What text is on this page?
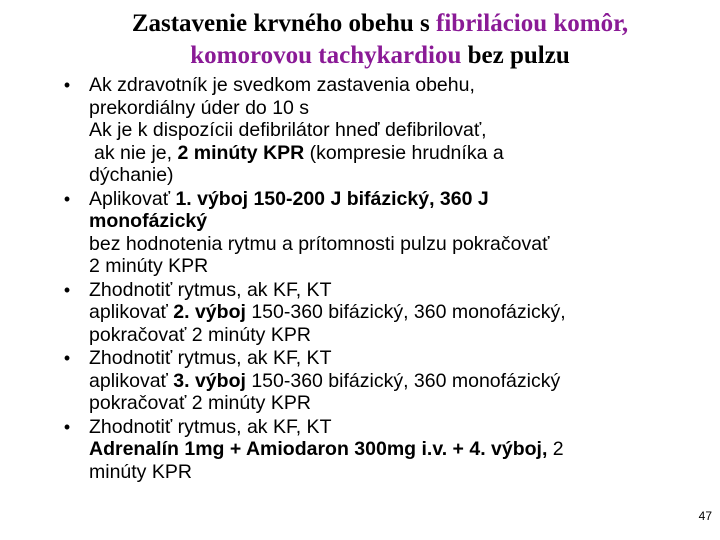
Zastavenie krvného obehu s fibriláciou komôr,
komorovou tachykardiou bez pulzu
• Ak zdravotník je svedkom zastavenia obehu,
prekordiálny úder do 10 s
Ak je k dispozícii defibrilátor hneď defibrilovať,
ak nie je, 2 minúty KPR (kompresie hrudníka a
dýchanie)
• Aplikovať 1. výboj 150-200 J bifázický, 360 J
monofázický
bez hodnotenia rytmu a prítomnosti pulzu pokračovať
2 minúty KPR
• Zhodnotiť rytmus, ak KF, KT
aplikovať 2. výboj 150-360 bifázický, 360 monofázický,
pokračovať 2 minúty KPR
• Zhodnotiť rytmus, ak KF, KT
aplikovať 3. výboj 150-360 bifázický, 360 monofázický
pokračovať 2 minúty KPR
• Zhodnotiť rytmus, ak KF, KT
Adrenalín 1mg + Amiodaron 300mg i.v. + 4. výboj, 2
minúty KPR
47
